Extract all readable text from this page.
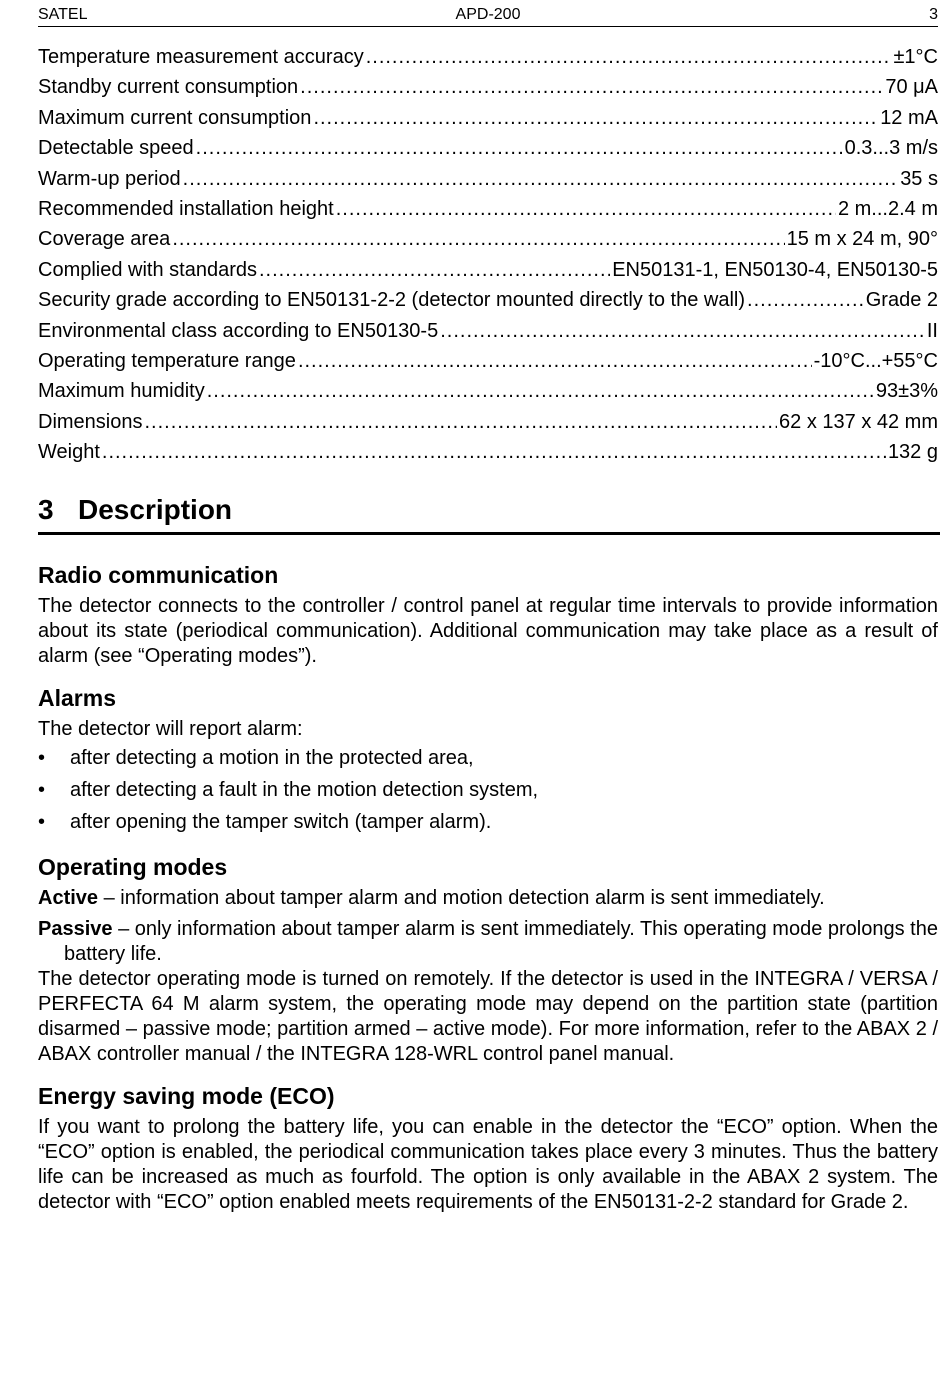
SATEL	APD-200	3
Temperature measurement accuracy .....	±1°C
Standby current consumption .....	70 μA
Maximum current consumption .....	12 mA
Detectable speed .....	0.3...3 m/s
Warm-up period .....	35 s
Recommended installation height .....	2 m...2.4 m
Coverage area .....	15 m x 24 m, 90°
Complied with standards .....	EN50131-1, EN50130-4, EN50130-5
Security grade according to EN50131-2-2 (detector mounted directly to the wall) .....	Grade 2
Environmental class according to EN50130-5 .....	II
Operating temperature range .....	-10°C...+55°C
Maximum humidity .....	93±3%
Dimensions .....	62 x 137 x 42 mm
Weight .....	132 g
3 Description
Radio communication

The detector connects to the controller / control panel at regular time intervals to provide information about its state (periodical communication). Additional communication may take place as a result of alarm (see “Operating modes”).

Alarms

The detector will report alarm:

• after detecting a motion in the protected area,
• after detecting a fault in the motion detection system,
• after opening the tamper switch (tamper alarm).
Operating modes

Active – information about tamper alarm and motion detection alarm is sent immediately.

Passive – only information about tamper alarm is sent immediately. This operating mode prolongs the battery life.

The detector operating mode is turned on remotely. If the detector is used in the INTEGRA / VERSA / PERFECTA 64 M alarm system, the operating mode may depend on the partition state (partition disarmed – passive mode; partition armed – active mode). For more information, refer to the ABAX 2 / ABAX controller manual / the INTEGRA 128-WRL control panel manual.

Energy saving mode (ECO)

If you want to prolong the battery life, you can enable in the detector the “ECO” option. When the “ECO” option is enabled, the periodical communication takes place every 3 minutes. Thus the battery life can be increased as much as fourfold. The option is only available in the ABAX 2 system. The detector with “ECO” option enabled meets requirements of the EN50131-2-2 standard for Grade 2.
